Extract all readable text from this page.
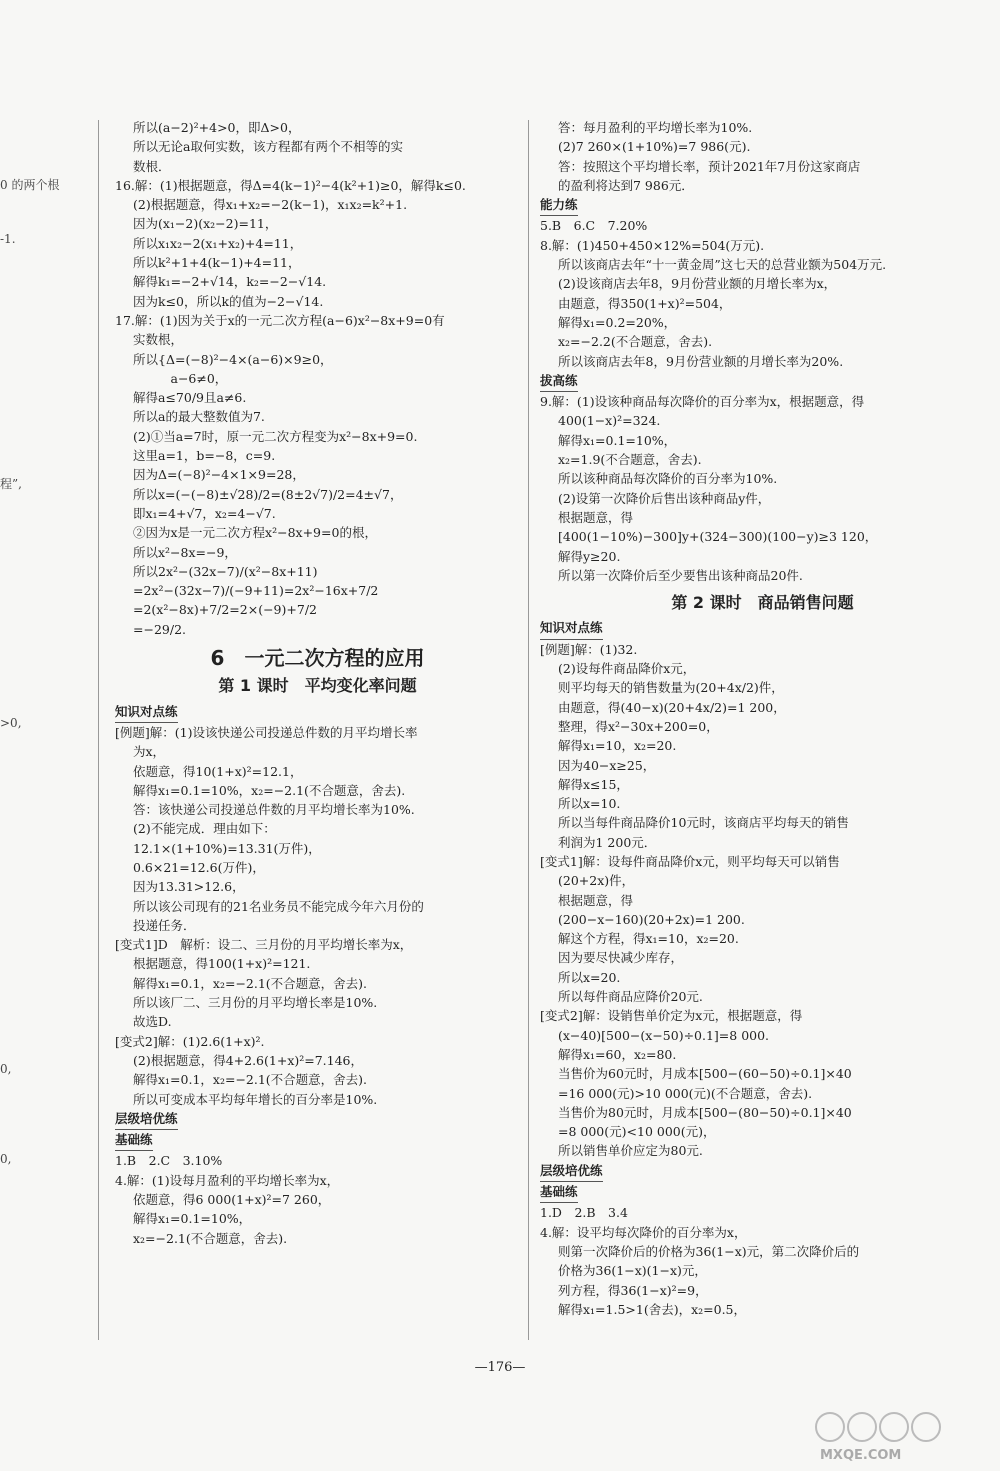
0 的两个根
-1.
程”,
>0,
0,
0,
所以(a−2)²+4>0，即Δ>0，
所以无论a取何实数，该方程都有两个不相等的实
数根．
16.解：(1)根据题意，得Δ=4(k−1)²−4(k²+1)≥0，解得k≤0.
(2)根据题意，得x₁+x₂=−2(k−1)，x₁x₂=k²+1.
因为(x₁−2)(x₂−2)=11，
所以x₁x₂−2(x₁+x₂)+4=11，
所以k²+1+4(k−1)+4=11，
解得k₁=−2+√14，k₂=−2−√14.
因为k≤0，所以k的值为−2−√14.
17.解：(1)因为关于x的一元二次方程(a−6)x²−8x+9=0有
实数根，
所以{Δ=(−8)²−4×(a−6)×9≥0，
　　　a−6≠0，
解得a≤70/9且a≠6.
所以a的最大整数值为7.
(2)①当a=7时，原一元二次方程变为x²−8x+9=0.
这里a=1，b=−8，c=9.
因为Δ=(−8)²−4×1×9=28，
所以x=(−(−8)±√28)/2=(8±2√7)/2=4±√7，
即x₁=4+√7，x₂=4−√7.
②因为x是一元二次方程x²−8x+9=0的根，
所以x²−8x=−9，
所以2x²−(32x−7)/(x²−8x+11)
=2x²−(32x−7)/(−9+11)=2x²−16x+7/2
=2(x²−8x)+7/2=2×(−9)+7/2
=−29/2.
6　一元二次方程的应用
第 1 课时　平均变化率问题
知识对点练
[例题]解：(1)设该快递公司投递总件数的月平均增长率
为x，
依题意，得10(1+x)²=12.1，
解得x₁=0.1=10%，x₂=−2.1(不合题意，舍去).
答：该快递公司投递总件数的月平均增长率为10%.
(2)不能完成．理由如下：
12.1×(1+10%)=13.31(万件)，
0.6×21=12.6(万件)，
因为13.31>12.6，
所以该公司现有的21名业务员不能完成今年六月份的
投递任务．
[变式1]D　解析：设二、三月份的月平均增长率为x，
根据题意，得100(1+x)²=121.
解得x₁=0.1，x₂=−2.1(不合题意，舍去).
所以该厂二、三月份的月平均增长率是10%.
故选D.
[变式2]解：(1)2.6(1+x)².
(2)根据题意，得4+2.6(1+x)²=7.146，
解得x₁=0.1，x₂=−2.1(不合题意，舍去).
所以可变成本平均每年增长的百分率是10%.
层级培优练
基础练
1.B　2.C　3.10%
4.解：(1)设每月盈利的平均增长率为x，
依题意，得6 000(1+x)²=7 260，
解得x₁=0.1=10%，
x₂=−2.1(不合题意，舍去).
答：每月盈利的平均增长率为10%.
(2)7 260×(1+10%)=7 986(元).
答：按照这个平均增长率，预计2021年7月份这家商店
的盈利将达到7 986元．
能力练
5.B　6.C　7.20%
8.解：(1)450+450×12%=504(万元).
所以该商店去年“十一黄金周”这七天的总营业额为504万元.
(2)设该商店去年8，9月份营业额的月增长率为x，
由题意，得350(1+x)²=504，
解得x₁=0.2=20%，
x₂=−2.2(不合题意，舍去).
所以该商店去年8，9月份营业额的月增长率为20%.
拔高练
9.解：(1)设该种商品每次降价的百分率为x，根据题意，得
400(1−x)²=324.
解得x₁=0.1=10%，
x₂=1.9(不合题意，舍去).
所以该种商品每次降价的百分率为10%.
(2)设第一次降价后售出该种商品y件，
根据题意，得
[400(1−10%)−300]y+(324−300)(100−y)≥3 120，
解得y≥20.
所以第一次降价后至少要售出该种商品20件.
第 2 课时　商品销售问题
知识对点练
[例题]解：(1)32.
(2)设每件商品降价x元，
则平均每天的销售数量为(20+4x/2)件，
由题意，得(40−x)(20+4x/2)=1 200，
整理，得x²−30x+200=0，
解得x₁=10，x₂=20.
因为40−x≥25，
解得x≤15，
所以x=10.
所以当每件商品降价10元时，该商店平均每天的销售
利润为1 200元．
[变式1]解：设每件商品降价x元，则平均每天可以销售
(20+2x)件，
根据题意，得
(200−x−160)(20+2x)=1 200.
解这个方程，得x₁=10，x₂=20.
因为要尽快减少库存，
所以x=20.
所以每件商品应降价20元.
[变式2]解：设销售单价定为x元，根据题意，得
(x−40)[500−(x−50)÷0.1]=8 000.
解得x₁=60，x₂=80.
当售价为60元时，月成本[500−(60−50)÷0.1]×40
=16 000(元)>10 000(元)(不合题意，舍去).
当售价为80元时，月成本[500−(80−50)÷0.1]×40
=8 000(元)<10 000(元)，
所以销售单价应定为80元.
层级培优练
基础练
1.D　2.B　3.4
4.解：设平均每次降价的百分率为x，
则第一次降价后的价格为36(1−x)元，第二次降价后的
价格为36(1−x)(1−x)元，
列方程，得36(1−x)²=9，
解得x₁=1.5>1(舍去)，x₂=0.5，
—176—
MXQE.COM
